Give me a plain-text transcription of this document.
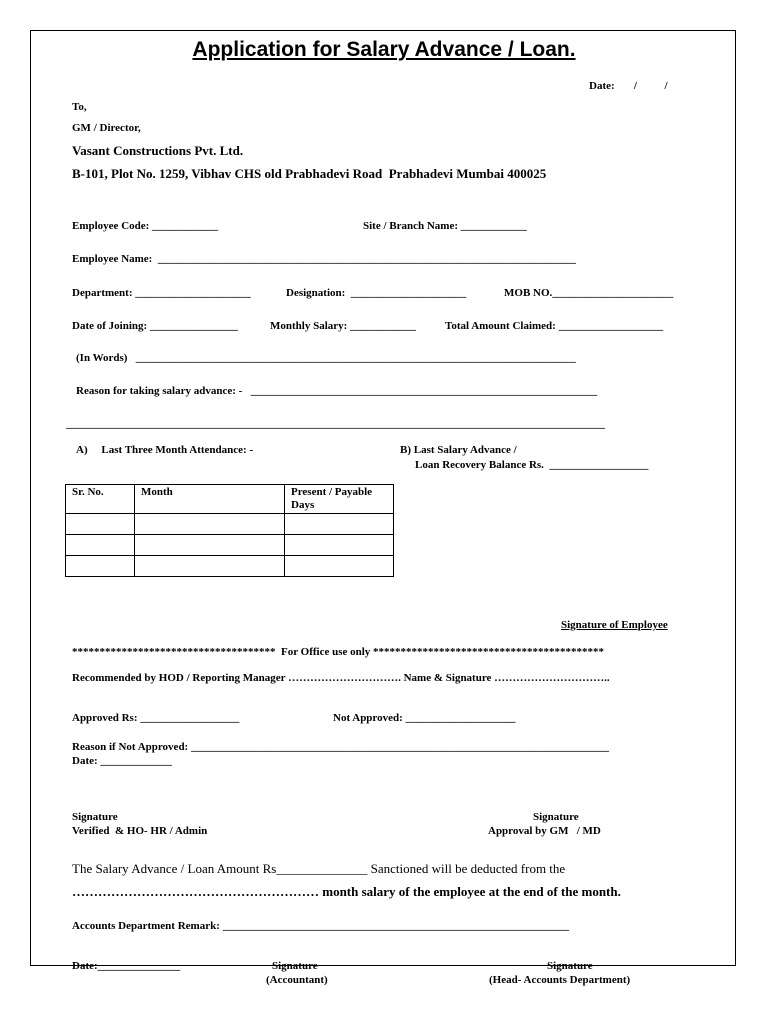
Application for Salary Advance / Loan.
Date:       /          /
To,
GM / Director,
Vasant Constructions Pvt. Ltd.
B-101, Plot No. 1259, Vibhav CHS old Prabhadevi Road  Prabhadevi Mumbai 400025
Employee Code: ____________	Site / Branch Name: ____________
Employee Name:  ____________________________________________________________________________
Department: _____________________	Designation:  _____________________	MOB NO.______________________
Date of Joining: ________________	Monthly Salary: ____________	Total Amount Claimed: ___________________
(In Words)   ________________________________________________________________________________
Reason for taking salary advance: -   _______________________________________________________________
__________________________________________________________________________________________________
A)     Last Three Month Attendance: -	B) Last Salary Advance /
Loan Recovery Balance Rs.  __________________
Sr. No.	Month	Present / Payable Days

Signature of Employee
*************************************  For Office use only ******************************************
Recommended by HOD / Reporting Manager …………………………. Name & Signature …………………………..
Approved Rs: __________________	Not Approved: ____________________
Reason if Not Approved: ____________________________________________________________________________
Date: _____________
Signature
Verified  & HO- HR / Admin
Signature
Approval by GM   / MD
The Salary Advance / Loan Amount Rs______________ Sanctioned will be deducted from the
………………………………………………… month salary of the employee at the end of the month.
Accounts Department Remark: _______________________________________________________________
Date:_______________	Signature
(Accountant)
Signature
(Head- Accounts Department)
